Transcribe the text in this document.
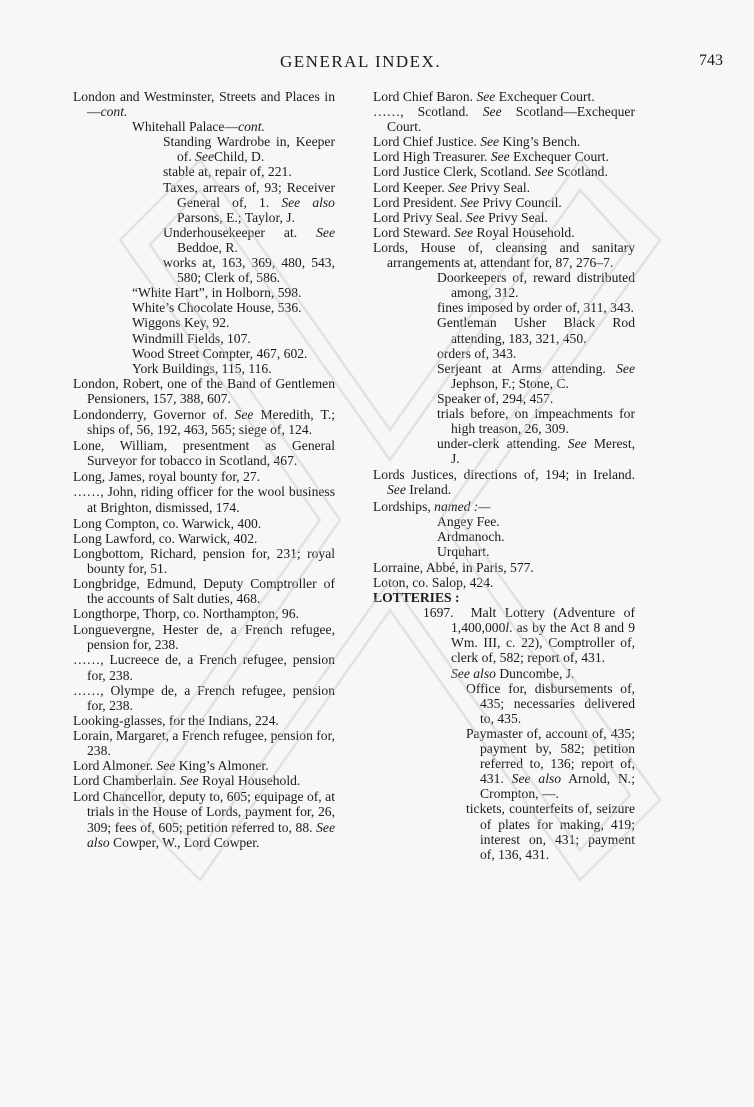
GENERAL INDEX.	743
London and Westminster, Streets and Places in—cont.
Whitehall Palace—cont.
Standing Wardrobe in, Keeper of. SeeChild, D.
stable at, repair of, 221.
Taxes, arrears of, 93; Receiver General of, 1. See also Parsons, E.; Taylor, J.
Underhousekeeper at. See Beddoe, R.
works at, 163, 369, 480, 543, 580; Clerk of, 586.
“White Hart”, in Holborn, 598.
White’s Chocolate House, 536.
Wiggons Key, 92.
Windmill Fields, 107.
Wood Street Compter, 467, 602.
York Buildings, 115, 116.
London, Robert, one of the Band of Gentlemen Pensioners, 157, 388, 607.
Londonderry, Governor of. See Meredith, T.; ships of, 56, 192, 463, 565; siege of, 124.
Lone, William, presentment as General Surveyor for tobacco in Scotland, 467.
Long, James, royal bounty for, 27.
……, John, riding officer for the wool business at Brighton, dismissed, 174.
Long Compton, co. Warwick, 400.
Long Lawford, co. Warwick, 402.
Longbottom, Richard, pension for, 231; royal bounty for, 51.
Longbridge, Edmund, Deputy Comptroller of the accounts of Salt duties, 468.
Longthorpe, Thorp, co. Northampton, 96.
Longuevergne, Hester de, a French refugee, pension for, 238.
……, Lucreece de, a French refugee, pension for, 238.
……, Olympe de, a French refugee, pension for, 238.
Looking-glasses, for the Indians, 224.
Lorain, Margaret, a French refugee, pension for, 238.
Lord Almoner. See King’s Almoner.
Lord Chamberlain. See Royal Household.
Lord Chancellor, deputy to, 605; equipage of, at trials in the House of Lords, payment for, 26, 309; fees of, 605; petition referred to, 88. See also Cowper, W., Lord Cowper.
Lord Chief Baron. See Exchequer Court.
……, Scotland. See Scotland—Exchequer Court.
Lord Chief Justice. See King’s Bench.
Lord High Treasurer. See Exchequer Court.
Lord Justice Clerk, Scotland. See Scotland.
Lord Keeper. See Privy Seal.
Lord President. See Privy Council.
Lord Privy Seal. See Privy Seal.
Lord Steward. See Royal Household.
Lords, House of, cleansing and sanitary arrangements at, attendant for, 87, 276–7.
Doorkeepers of, reward distributed among, 312.
fines imposed by order of, 311, 343.
Gentleman Usher Black Rod attending, 183, 321, 450.
orders of, 343.
Serjeant at Arms attending. See Jephson, F.; Stone, C.
Speaker of, 294, 457.
trials before, on impeachments for high treason, 26, 309.
under-clerk attending. See Merest, J.
Lords Justices, directions of, 194; in Ireland. See Ireland.
Lordships, named :—
Angey Fee.
Ardmanoch.
Urquhart.
Lorraine, Abbé, in Paris, 577.
Loton, co. Salop, 424.
LOTTERIES :
1697. Malt Lottery (Adventure of 1,400,000l. as by the Act 8 and 9 Wm. III, c. 22), Comptroller of, clerk of, 582; report of, 431.
See also Duncombe, J.
Office for, disbursements of, 435; necessaries delivered to, 435.
Paymaster of, account of, 435; payment by, 582; petition referred to, 136; report of, 431. See also Arnold, N.; Crompton, —.
tickets, counterfeits of, seizure of plates for making, 419; interest on, 431; payment of, 136, 431.
